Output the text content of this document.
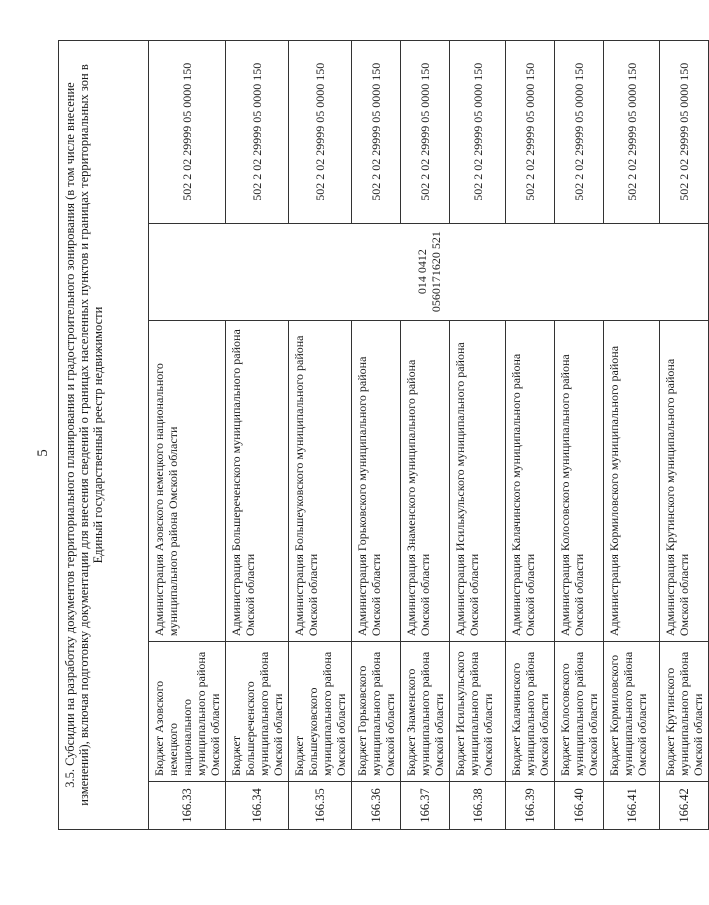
5 3.5. Субсидии на разработку документов территориального планирования и градостроительного зонирования (в том числе внесение изменений), включая подготовку документации для внесения сведений о границах населенных пунктов и границах территориальных зон в Единый государственный реестр недвижимости
166.33	Бюджет Азовского немецкого национального муниципального района Омской области	Администрация Азовского немецкого национального муниципального района Омской области	014 0412 0560171620 521	502 2 02 29999 05 0000 150
166.34	Бюджет Большереченского муниципального района Омской области	Администрация Большереченского муниципального района Омской области		502 2 02 29999 05 0000 150
166.35	Бюджет Большеуковского муниципального района Омской области	Администрация Большеуковского муниципального района Омской области		502 2 02 29999 05 0000 150
166.36	Бюджет Горьковского муниципального района Омской области	Администрация Горьковского муниципального района Омской области		502 2 02 29999 05 0000 150
166.37	Бюджет Знаменского муниципального района Омской области	Администрация Знаменского муниципального района Омской области		502 2 02 29999 05 0000 150
166.38	Бюджет Исилькульского муниципального района Омской области	Администрация Исилькульского муниципального района Омской области		502 2 02 29999 05 0000 150
166.39	Бюджет Калачинского муниципального района Омской области	Администрация Калачинского муниципального района Омской области		502 2 02 29999 05 0000 150
166.40	Бюджет Колосовского муниципального района Омской области	Администрация Колосовского муниципального района Омской области		502 2 02 29999 05 0000 150
166.41	Бюджет Кормиловского муниципального района Омской области	Администрация Кормиловского муниципального района		502 2 02 29999 05 0000 150
166.42	Бюджет Крутинского муниципального района Омской области	Администрация Крутинского муниципального района Омской области		502 2 02 29999 05 0000 150
